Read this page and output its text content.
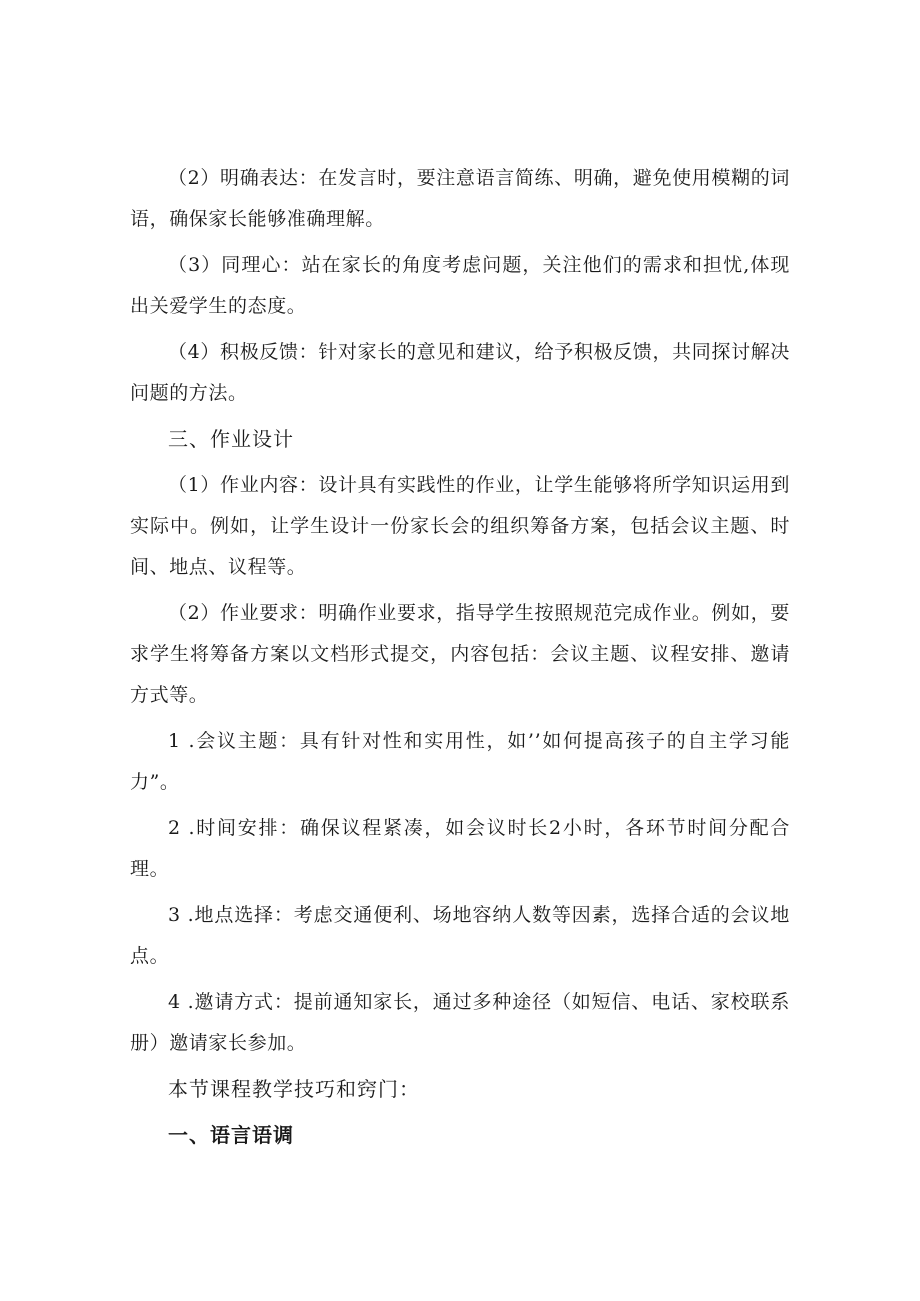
（2）明确表达：在发言时，要注意语言简练、明确，避免使用模糊的词语，确保家长能够准确理解。

（3）同理心：站在家长的角度考虑问题，关注他们的需求和担忧,体现出关爱学生的态度。

（4）积极反馈：针对家长的意见和建议，给予积极反馈，共同探讨解决问题的方法。

三、作业设计

（1）作业内容：设计具有实践性的作业，让学生能够将所学知识运用到实际中。例如，让学生设计一份家长会的组织筹备方案，包括会议主题、时间、地点、议程等。

（2）作业要求：明确作业要求，指导学生按照规范完成作业。例如，要求学生将筹备方案以文档形式提交，内容包括：会议主题、议程安排、邀请方式等。

1 .会议主题：具有针对性和实用性，如’’如何提高孩子的自主学习能力”。

2 .时间安排：确保议程紧凑，如会议时长2小时，各环节时间分配合理。

3 .地点选择：考虑交通便利、场地容纳人数等因素，选择合适的会议地点。

4 .邀请方式：提前通知家长，通过多种途径（如短信、电话、家校联系册）邀请家长参加。

本节课程教学技巧和窍门：

一、语言语调
